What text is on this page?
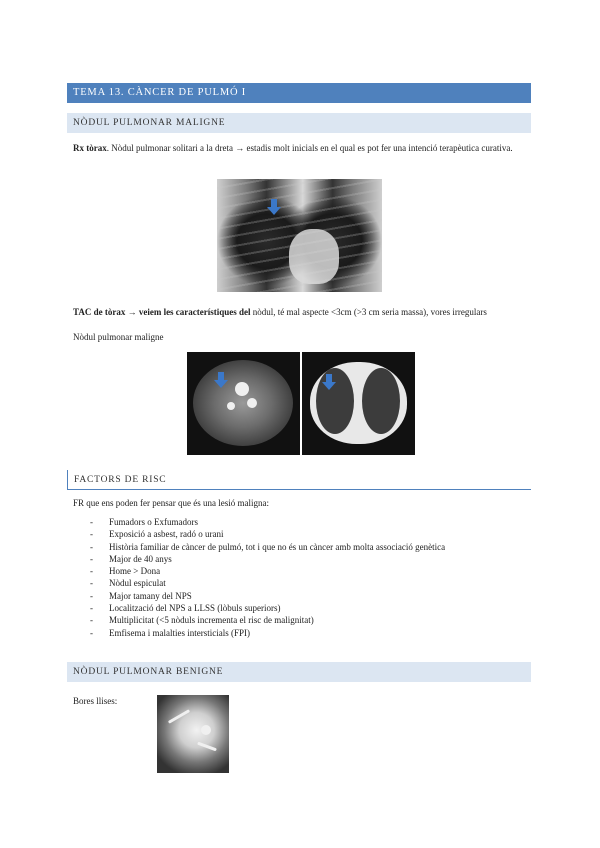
TEMA 13. CÀNCER DE PULMÓ I
NÒDUL PULMONAR MALIGNE
Rx tòrax. Nòdul pulmonar solitari a la dreta → estadis molt inicials en el qual es pot fer una intenció terapèutica curativa.
TAC de tòrax → veiem les característiques del nòdul, té mal aspecte <3cm (>3 cm seria massa), vores irregulars
Nòdul pulmonar maligne
FACTORS DE RISC
FR que ens poden fer pensar que és una lesió maligna:
- Fumadors o Exfumadors
- Exposició a asbest, radó o urani
- Història familiar de càncer de pulmó, tot i que no és un càncer amb molta associació genètica
- Major de 40 anys
- Home > Dona
- Nòdul espiculat
- Major tamany del NPS
- Localització del NPS a LLSS (lòbuls superiors)
- Multiplicitat (<5 nòduls incrementa el risc de malignitat)
- Emfisema i malalties intersticials (FPI)
NÒDUL PULMONAR BENIGNE
Bores llises:
